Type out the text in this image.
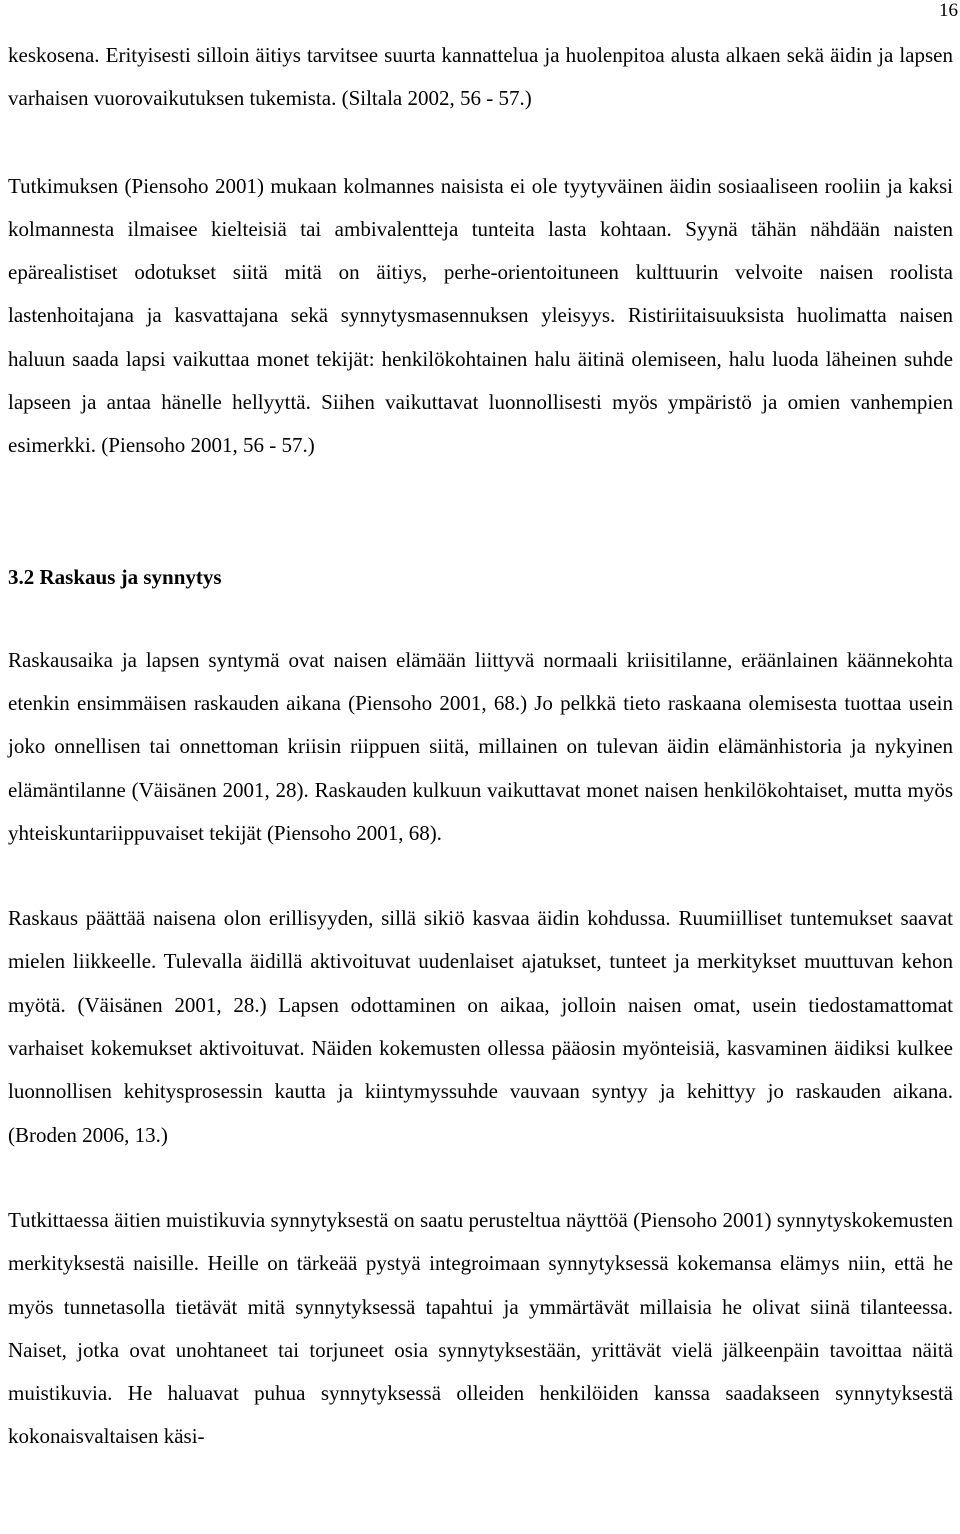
16

keskosena. Erityisesti silloin äitiys tarvitsee suurta kannattelua ja huolenpitoa alusta alkaen sekä äidin ja lapsen varhaisen vuorovaikutuksen tukemista. (Siltala 2002, 56 - 57.)

Tutkimuksen (Piensoho 2001) mukaan kolmannes naisista ei ole tyytyväinen äidin sosiaaliseen rooliin ja kaksi kolmannesta ilmaisee kielteisiä tai ambivalentteja tunteita lasta kohtaan. Syynä tähän nähdään naisten epärealistiset odotukset siitä mitä on äitiys, perhe-orientoituneen kulttuurin velvoite naisen roolista lastenhoitajana ja kasvattajana sekä synnytysmasennuksen yleisyys. Ristiriitaisuuksista huolimatta naisen haluun saada lapsi vaikuttaa monet tekijät: henkilökohtainen halu äitinä olemiseen, halu luoda läheinen suhde lapseen ja antaa hänelle hellyyttä. Siihen vaikuttavat luonnollisesti myös ympäristö ja omien vanhempien esimerkki. (Piensoho 2001, 56 - 57.)

3.2 Raskaus ja synnytys

Raskausaika ja lapsen syntymä ovat naisen elämään liittyvä normaali kriisitilanne, eräänlainen käännekohta etenkin ensimmäisen raskauden aikana (Piensoho 2001, 68.) Jo pelkkä tieto raskaana olemisesta tuottaa usein joko onnellisen tai onnettoman kriisin riippuen siitä, millainen on tulevan äidin elämänhistoria ja nykyinen elämäntilanne (Väisänen 2001, 28). Raskauden kulkuun vaikuttavat monet naisen henkilökohtaiset, mutta myös yhteiskuntariippuvaiset tekijät (Piensoho 2001, 68).

Raskaus päättää naisena olon erillisyyden, sillä sikiö kasvaa äidin kohdussa. Ruumiilliset tuntemukset saavat mielen liikkeelle. Tulevalla äidillä aktivoituvat uudenlaiset ajatukset, tunteet ja merkitykset muuttuvan kehon myötä. (Väisänen 2001, 28.) Lapsen odottaminen on aikaa, jolloin naisen omat, usein tiedostamattomat varhaiset kokemukset aktivoituvat. Näiden kokemusten ollessa pääosin myönteisiä, kasvaminen äidiksi kulkee luonnollisen kehitysprosessin kautta ja kiintymyssuhde vauvaan syntyy ja kehittyy jo raskauden aikana. (Broden 2006, 13.)

Tutkittaessa äitien muistikuvia synnytyksestä on saatu perusteltua näyttöä (Piensoho 2001) synnytyskokemusten merkityksestä naisille. Heille on tärkeää pystyä integroimaan synnytyksessä kokemansa elämys niin, että he myös tunnetasolla tietävät mitä synnytyksessä tapahtui ja ymmärtävät millaisia he olivat siinä tilanteessa. Naiset, jotka ovat unohtaneet tai torjuneet osia synnytyksestään, yrittävät vielä jälkeenpäin tavoittaa näitä muistikuvia. He haluavat puhua synnytyksessä olleiden henkilöiden kanssa saadakseen synnytyksestä kokonaisvaltaisen käsi-
